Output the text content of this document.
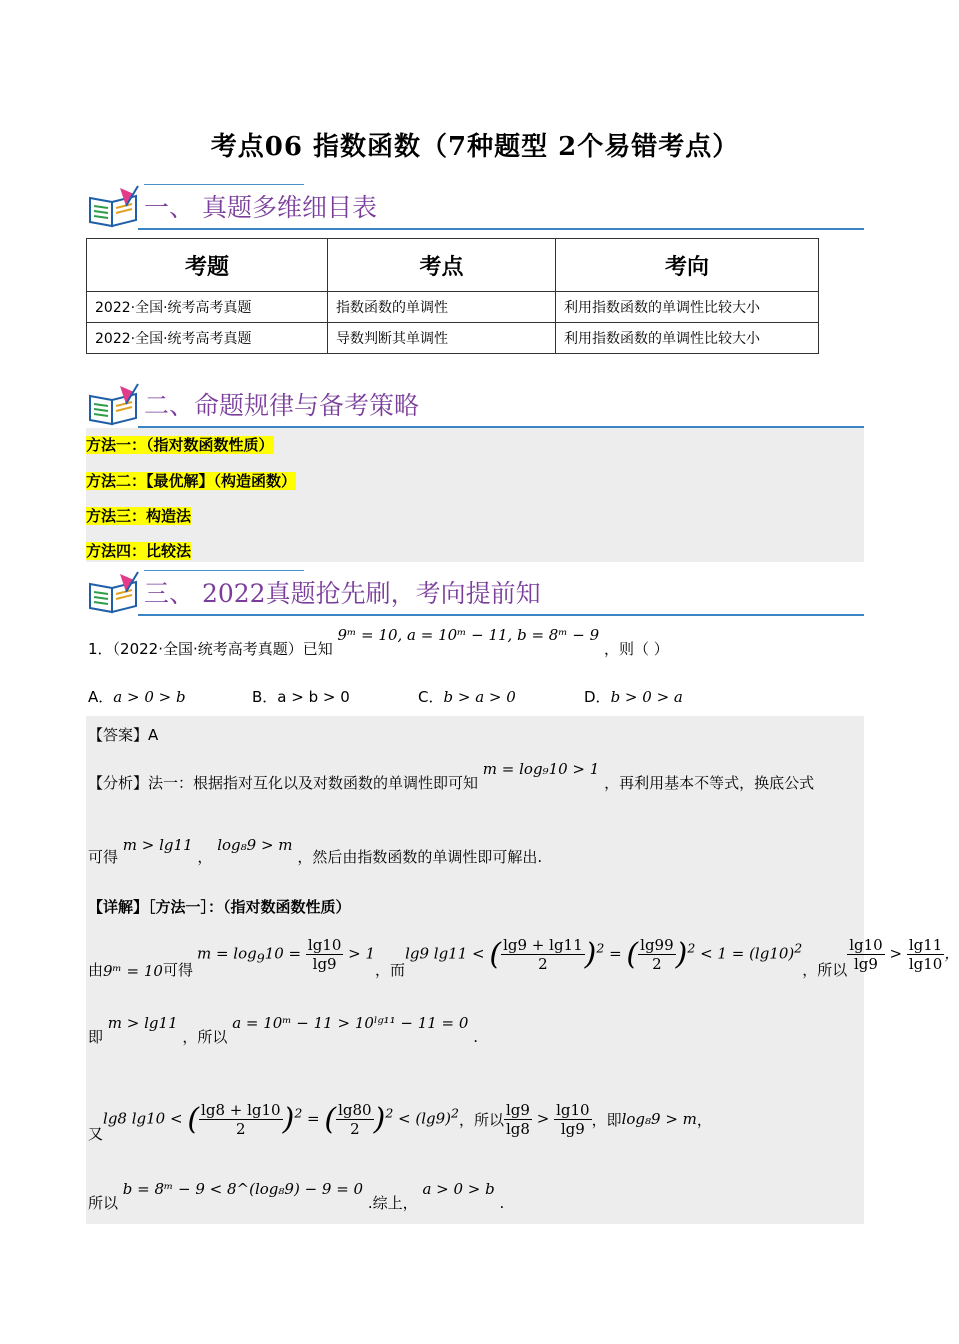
考点06 指数函数（7种题型 2个易错考点）
一、 真题多维细目表
考题	考点	考向
2022·全国·统考高考真题	指数函数的单调性	利用指数函数的单调性比较大小
2022·全国·统考高考真题	导数判断其单调性	利用指数函数的单调性比较大小
二、命题规律与备考策略
方法一：（指对数函数性质）
方法二：【最优解】（构造函数）
方法三：构造法
方法四：比较法
三、 2022真题抢先刷，考向提前知
1．（2022·全国·统考高考真题）已知 9ᵐ = 10, a = 10ᵐ − 11, b = 8ᵐ − 9 ，则（ ）
A．a > 0 > b	B．a > b > 0	C．b > a > 0	D．b > 0 > a
【答案】A
【分析】法一：根据指对互化以及对数函数的单调性即可知 m = log₉10 > 1 ，再利用基本不等式，换底公式
可得 m > lg11 ， log₈9 > m ，然后由指数函数的单调性即可解出.
【详解】［方法一］：（指对数函数性质）
由 9ᵐ = 10 可得
$m = \log_910 = \frac{\lg 10}{\lg 9} > 1$
，而
lg9 lg11 < ( $\frac{\lg 9 + \lg 11}{2} )^2$ = ( $\frac{\lg 99}{2} )^2 < 1 = (\lg 10)^2$
，所以 $\frac{\lg 10}{\lg 9} > \frac{\lg 11}{\lg 10}$ ，
即 m > lg11 ，所以 a = 10ᵐ − 11 > 10ˡᵍ¹¹ − 11 = 0 .
又
lg8 lg10 < ( $\frac{\lg 8 + \lg 10}{2} )^2$ = ( $\frac{\lg 80}{2} )^2 < (\lg 9)^2$ ，所以 $\frac{\lg 9}{\lg 8} > \frac{\lg 10}{\lg 9}$ ，即 log₈9 > m ，
所以 b = 8ᵐ − 9 < 8^(log₈9) − 9 = 0 .综上， a > 0 > b .
